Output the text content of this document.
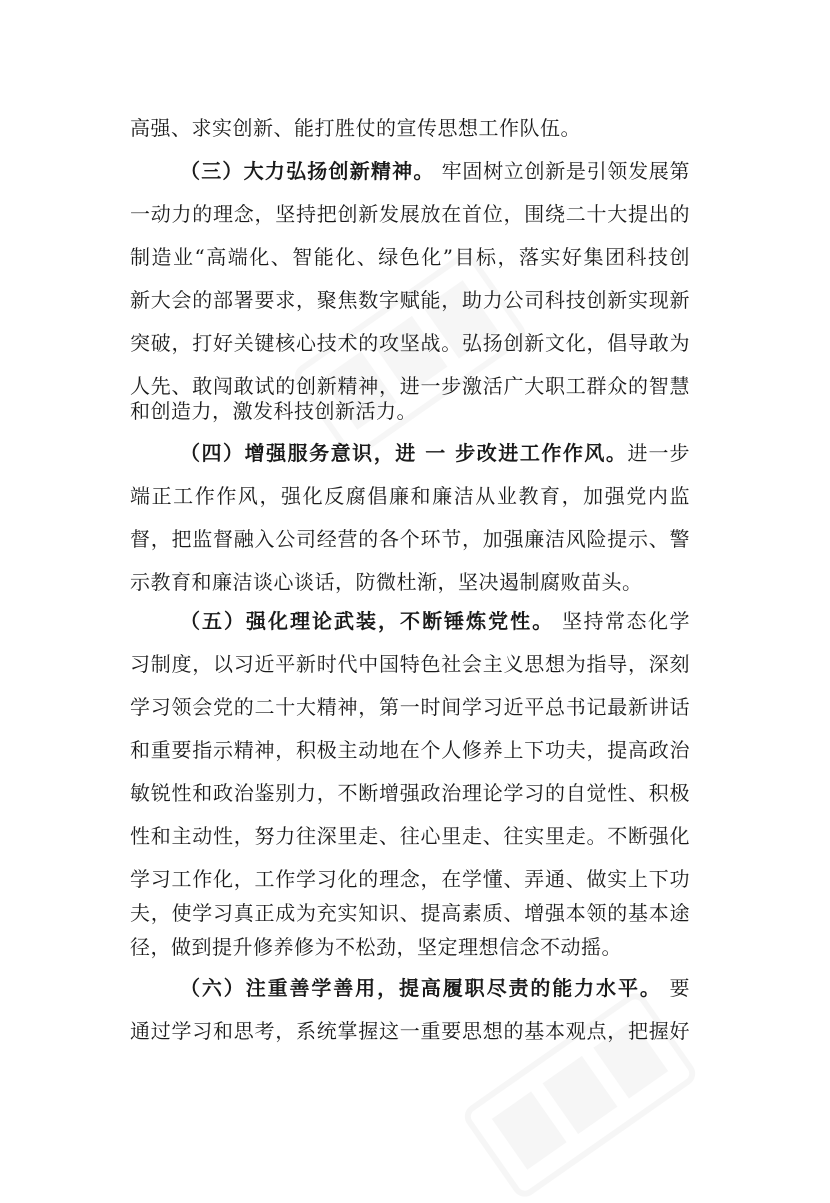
高强、求实创新、能打胜仗的宣传思想工作队伍。
（三）大力弘扬创新精神。 牢固树立创新是引领发展第
一动力的理念，坚持把创新发展放在首位，围绕二十大提出的
制造业“高端化、智能化、绿色化”目标，落实好集团科技创
新大会的部署要求，聚焦数字赋能，助力公司科技创新实现新
突破，打好关键核心技术的攻坚战。弘扬创新文化，倡导敢为
人先、敢闯敢试的创新精神，进一步激活广大职工群众的智慧
和创造力，激发科技创新活力。
（四）增强服务意识，进 一 步改进工作作风。进一步
端正工作作风，强化反腐倡廉和廉洁从业教育，加强党内监
督，把监督融入公司经营的各个环节，加强廉洁风险提示、警
示教育和廉洁谈心谈话，防微杜渐，坚决遏制腐败苗头。
（五）强化理论武装，不断锤炼党性。 坚持常态化学
习制度，以习近平新时代中国特色社会主义思想为指导，深刻
学习领会党的二十大精神，第一时间学习近平总书记最新讲话
和重要指示精神，积极主动地在个人修养上下功夫，提高政治
敏锐性和政治鉴别力，不断增强政治理论学习的自觉性、积极
性和主动性，努力往深里走、往心里走、往实里走。不断强化
学习工作化，工作学习化的理念，在学懂、弄通、做实上下功
夫，使学习真正成为充实知识、提高素质、增强本领的基本途
径，做到提升修养修为不松劲，坚定理想信念不动摇。
（六）注重善学善用，提高履职尽责的能力水平。 要
通过学习和思考，系统掌握这一重要思想的基本观点，把握好
